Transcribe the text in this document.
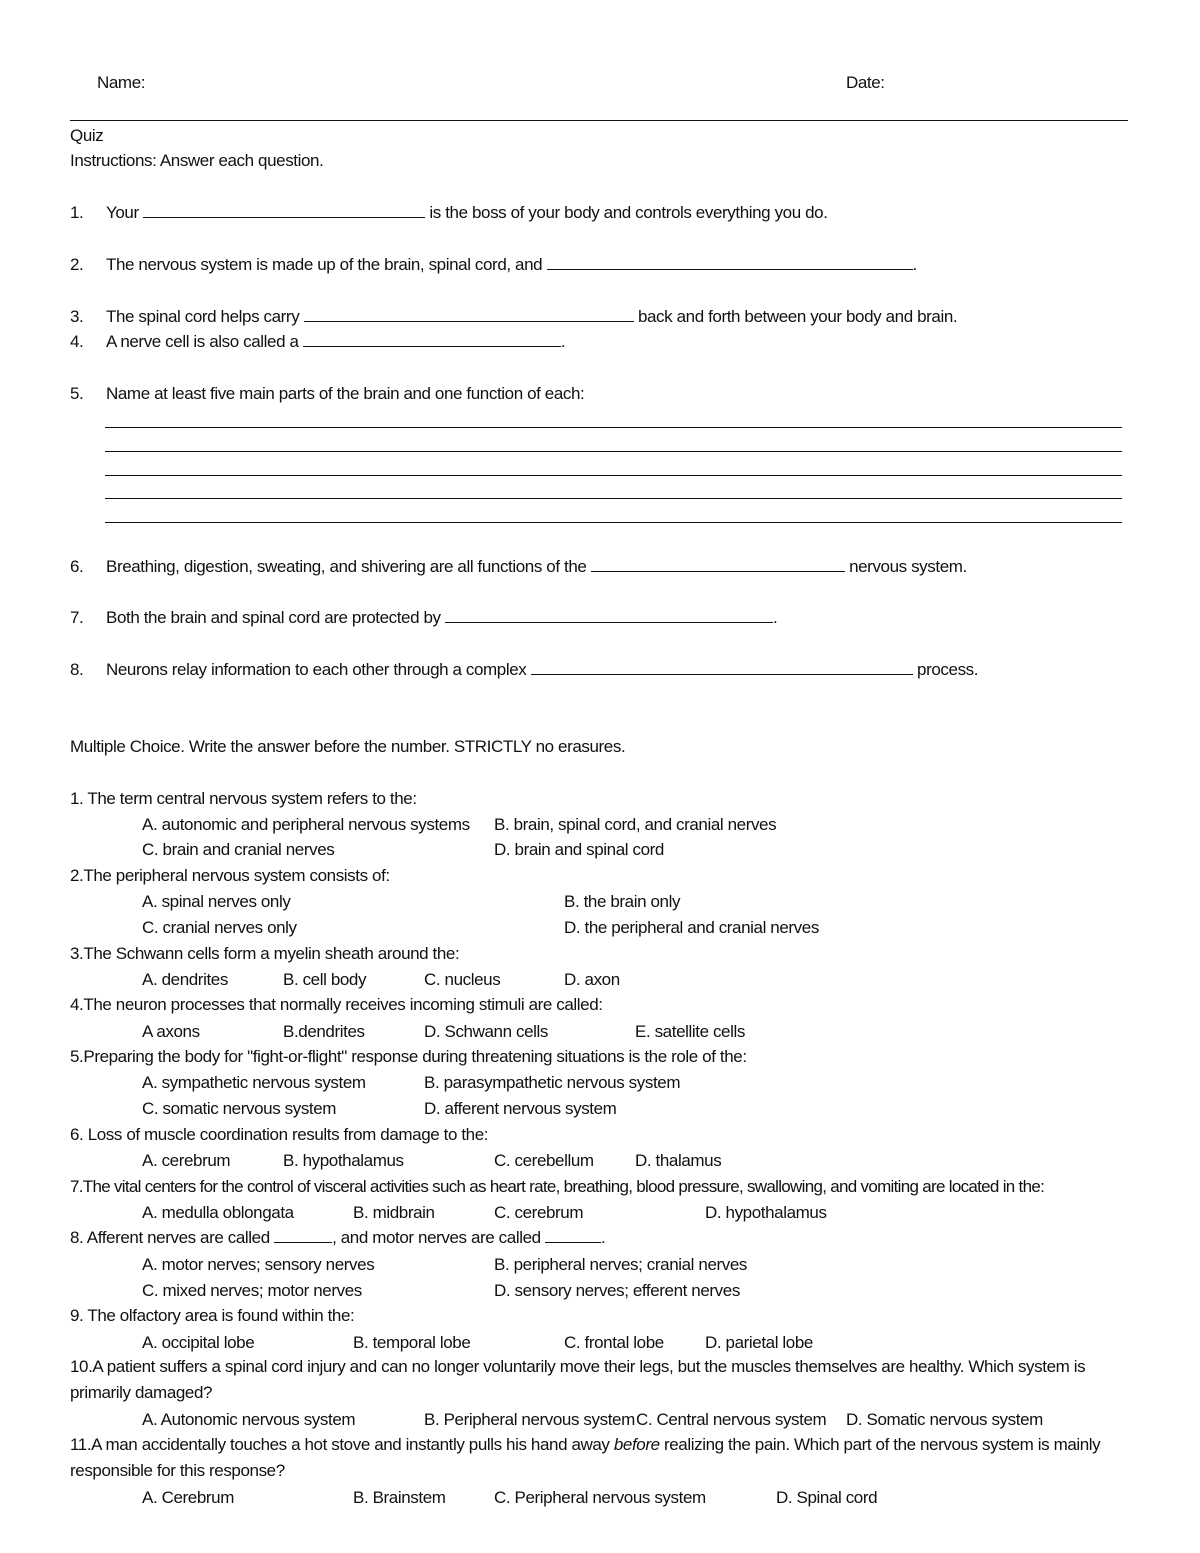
Name:	Date:
Quiz
Instructions: Answer each question.
1. Your	is the boss of your body and controls everything you do.
2. The nervous system is made up of the brain, spinal cord, and	.
3. The spinal cord helps carry	back and forth between your body and brain.
4. A nerve cell is also called a	.
5. Name at least five main parts of the brain and one function of each:
6. Breathing, digestion, sweating, and shivering are all functions of the	nervous system.
7. Both the brain and spinal cord are protected by	.
8. Neurons relay information to each other through a complex	process.
Multiple Choice. Write the answer before the number. STRICTLY no erasures.
1. The term central nervous system refers to the:
A. autonomic and peripheral nervous systems B. brain, spinal cord, and cranial nerves
C. brain and cranial nerves	D. brain and spinal cord
2.The peripheral nervous system consists of:
A. spinal nerves only	B. the brain only
C. cranial nerves only	D. the peripheral and cranial nerves
3.The Schwann cells form a myelin sheath around the:
A. dendrites	B. cell body	C. nucleus	D. axon
4.The neuron processes that normally receives incoming stimuli are called:
A axons	B.dendrites	D. Schwann cells	E. satellite cells
5.Preparing the body for "fight-or-flight" response during threatening situations is the role of the:
A. sympathetic nervous system	B. parasympathetic nervous system
C. somatic nervous system	D. afferent nervous system
6. Loss of muscle coordination results from damage to the:
A. cerebrum	B. hypothalamus	C. cerebellum D. thalamus
7.The vital centers for the control of visceral activities such as heart rate, breathing, blood pressure, swallowing, and vomiting are located in the:
A. medulla oblongata	B. midbrain	C. cerebrum	D. hypothalamus
8. Afferent nerves are called	, and motor nerves are called	.
A. motor nerves; sensory nerves	B. peripheral nerves; cranial nerves
C. mixed nerves; motor nerves	D. sensory nerves; efferent nerves
9. The olfactory area is found within the:
A. occipital lobe	B. temporal lobe	C. frontal lobe D. parietal lobe
10.A patient suffers a spinal cord injury and can no longer voluntarily move their legs, but the muscles themselves are healthy. Which system is primarily damaged?
A. Autonomic nervous system	B. Peripheral nervous system C. Central nervous system D. Somatic nervous system
11.A man accidentally touches a hot stove and instantly pulls his hand away before realizing the pain. Which part of the nervous system is mainly responsible for this response?
A. Cerebrum	B. Brainstem	C. Peripheral nervous system	D. Spinal cord
